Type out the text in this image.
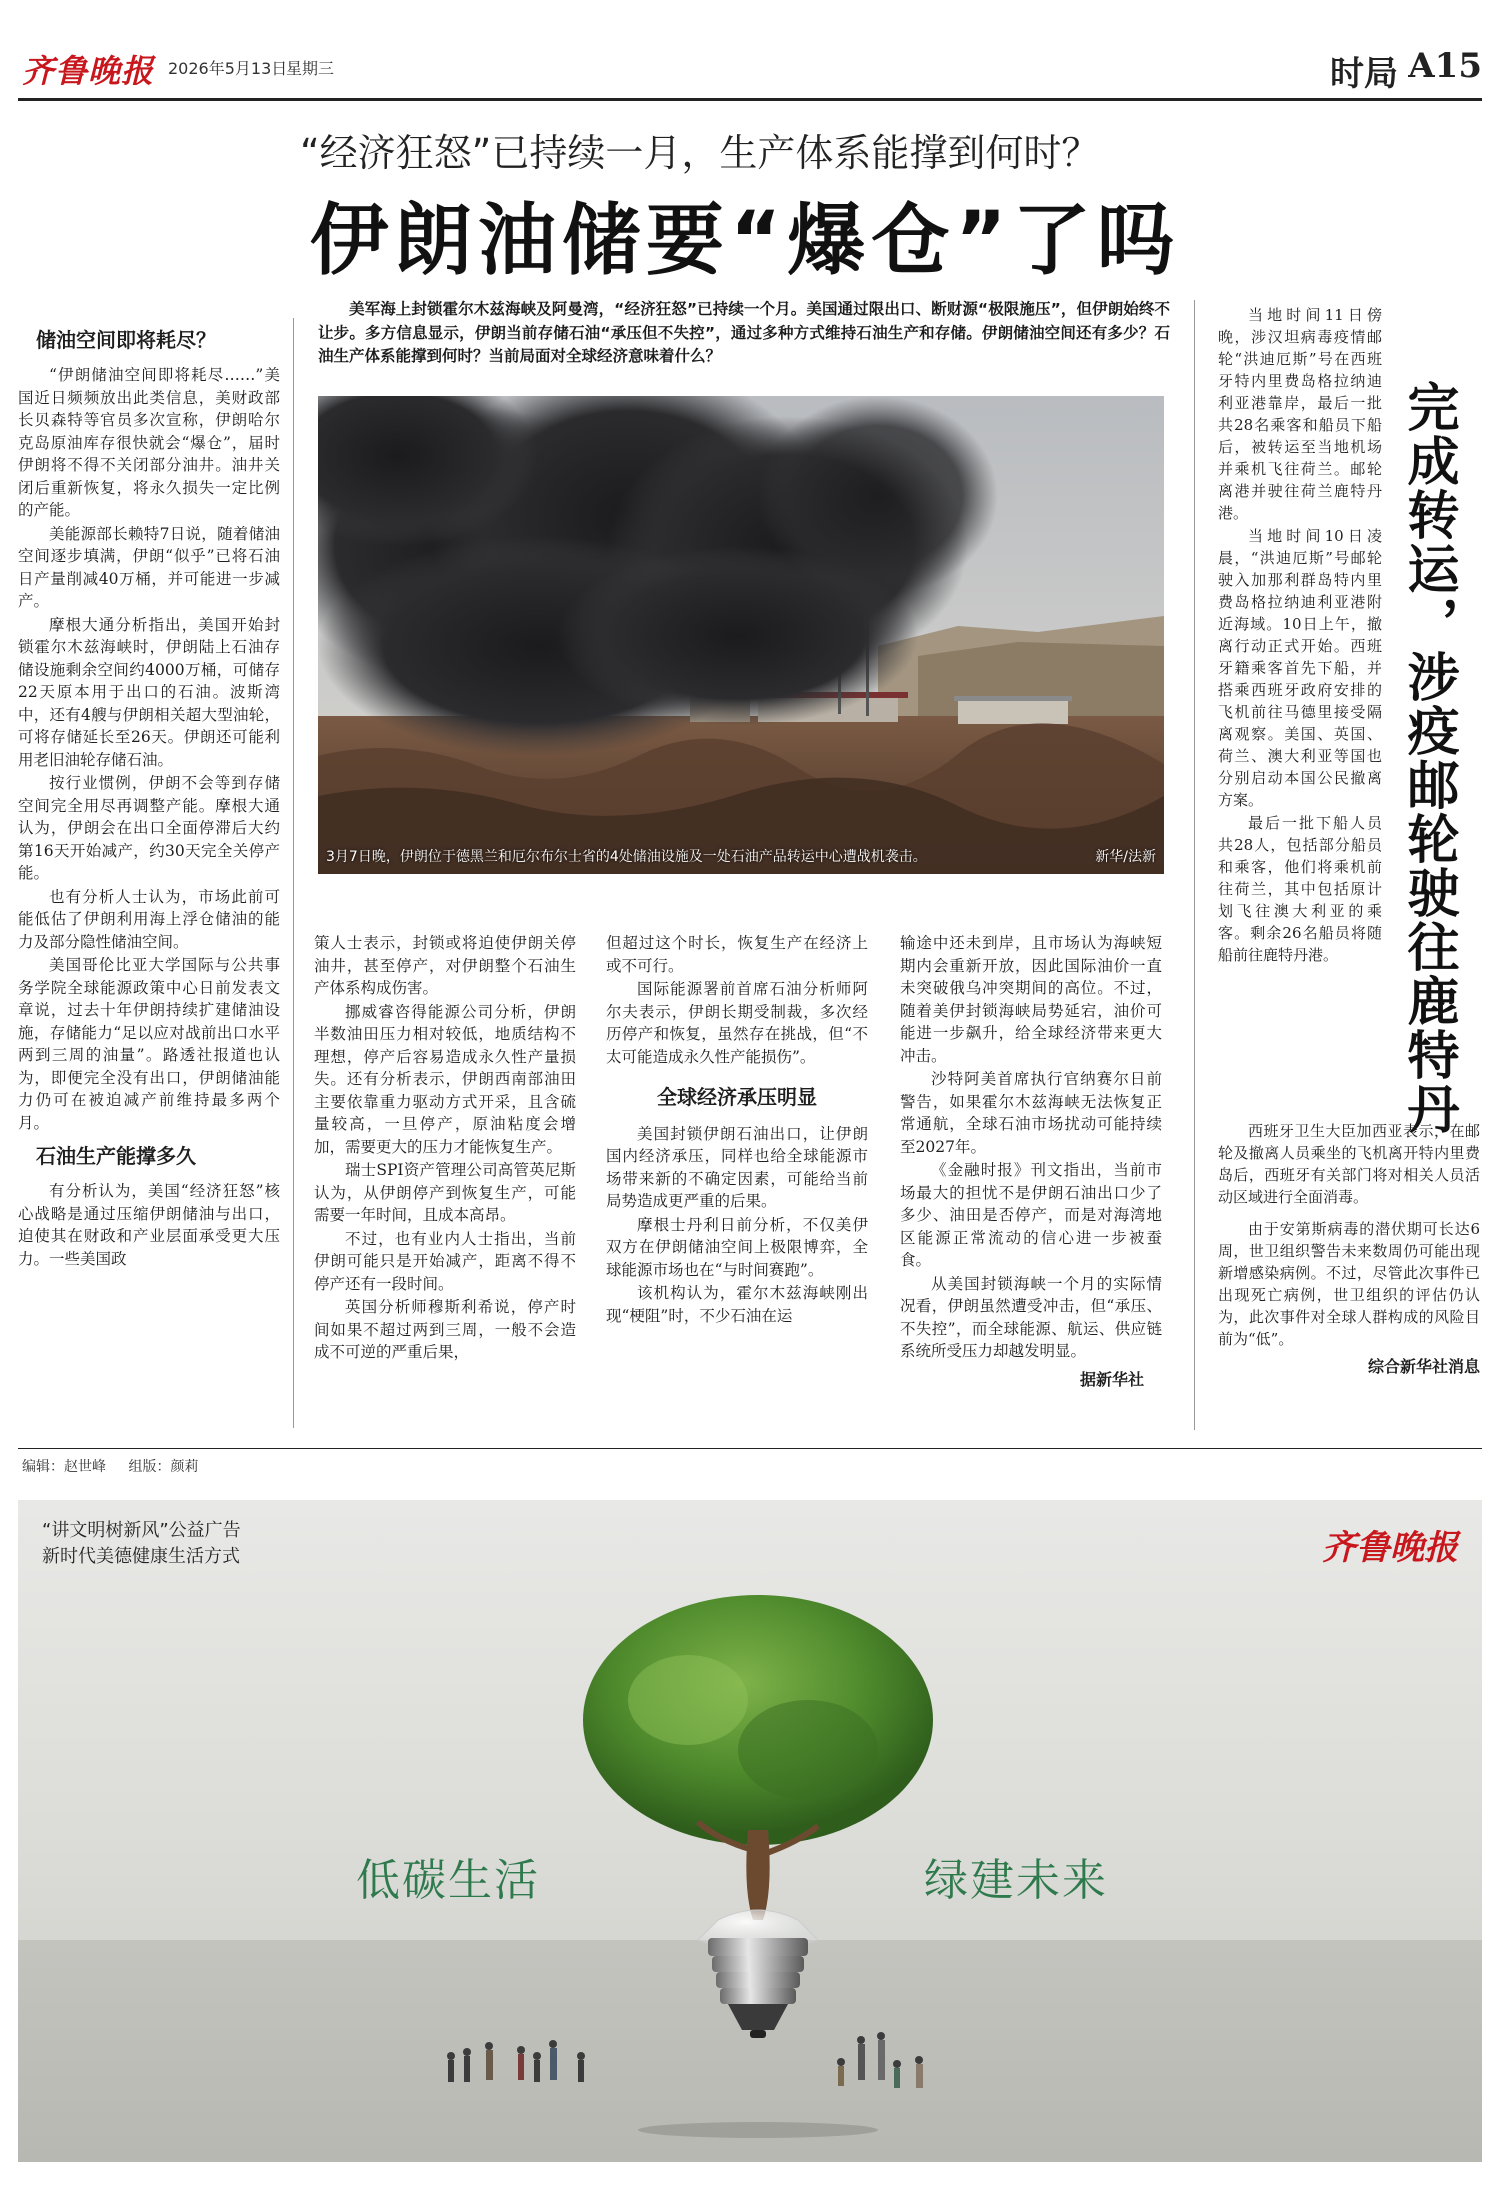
齐鲁晚报 2026年5月13日
星期三	时局 A15
“经济狂怒”已持续一月，生产体系能撑到何时？
伊朗油储要“爆仓”了吗
美军海上封锁霍尔木兹海峡及阿曼湾，“经济狂怒”已持续一个月。美国通过限出口、断财源“极限施压”，但伊朗始终不让步。多方信息显示，伊朗当前存储石油“承压但不失控”，通过多种方式维持石油生产和存储。伊朗储油空间还有多少？石油生产体系能撑到何时？当前局面对全球经济意味着什么？
3月7日晚，伊朗位于德黑兰和厄尔布尔士省的4处储油设施及一处石油产品转运中心遭战机袭击。	新华/法新
储油空间即将耗尽？

“伊朗储油空间即将耗尽……”美国近日频频放出此类信息，美财政部长贝森特等官员多次宣称，伊朗哈尔克岛原油库存很快就会“爆仓”，届时伊朗将不得不关闭部分油井。油井关闭后重新恢复，将永久损失一定比例的产能。

美能源部长赖特7日说，随着储油空间逐步填满，伊朗“似乎”已将石油日产量削减40万桶，并可能进一步减产。

摩根大通分析指出，美国开始封锁霍尔木兹海峡时，伊朗陆上石油存储设施剩余空间约4000万桶，可储存22天原本用于出口的石油。波斯湾中，还有4艘与伊朗相关超大型油轮，可将存储延长至26天。伊朗还可能利用老旧油轮存储石油。

按行业惯例，伊朗不会等到存储空间完全用尽再调整产能。摩根大通认为，伊朗会在出口全面停滞后大约第16天开始减产，约30天完全关停产能。

也有分析人士认为，市场此前可能低估了伊朗利用海上浮仓储油的能力及部分隐性储油空间。

美国哥伦比亚大学国际与公共事务学院全球能源政策中心日前发表文章说，过去十年伊朗持续扩建储油设施，存储能力“足以应对战前出口水平两到三周的油量”。路透社报道也认为，即便完全没有出口，伊朗储油能力仍可在被迫减产前维持最多两个月。

石油生产能撑多久

有分析认为，美国“经济狂怒”核心战略是通过压缩伊朗储油与出口，迫使其在财政和产业层面承受更大压力。一些美国政

策人士表示，封锁或将迫使伊朗关停油井，甚至停产，对伊朗整个石油生产体系构成伤害。

挪威睿咨得能源公司分析，伊朗半数油田压力相对较低，地质结构不理想，停产后容易造成永久性产量损失。还有分析表示，伊朗西南部油田主要依靠重力驱动方式开采，且含硫量较高，一旦停产，原油粘度会增加，需要更大的压力才能恢复生产。

瑞士SPI资产管理公司高管英尼斯认为，从伊朗停产到恢复生产，可能需要一年时间，且成本高昂。

不过，也有业内人士指出，当前伊朗可能只是开始减产，距离不得不停产还有一段时间。

英国分析师穆斯利希说，停产时间如果不超过两到三周，一般不会造成不可逆的严重后果，

但超过这个时长，恢复生产在经济上或不可行。

国际能源署前首席石油分析师阿尔夫表示，伊朗长期受制裁，多次经历停产和恢复，虽然存在挑战，但“不太可能造成永久性产能损伤”。

全球经济承压明显

美国封锁伊朗石油出口，让伊朗国内经济承压，同样也给全球能源市场带来新的不确定因素，可能给当前局势造成更严重的后果。

摩根士丹利日前分析，不仅美伊双方在伊朗储油空间上极限博弈，全球能源市场也在“与时间赛跑”。

该机构认为，霍尔木兹海峡刚出现“梗阻”时，不少石油在运

输途中还未到岸，且市场认为海峡短期内会重新开放，因此国际油价一直未突破俄乌冲突期间的高位。不过，随着美伊封锁海峡局势延宕，油价可能进一步飙升，给全球经济带来更大冲击。

沙特阿美首席执行官纳赛尔日前警告，如果霍尔木兹海峡无法恢复正常通航，全球石油市场扰动可能持续至2027年。

《金融时报》刊文指出，当前市场最大的担忧不是伊朗石油出口少了多少、油田是否停产，而是对海湾地区能源正常流动的信心进一步被蚕食。

从美国封锁海峡一个月的实际情况看，伊朗虽然遭受冲击，但“承压、不失控”，而全球能源、航运、供应链系统所受压力却越发明显。

据新华社

当地时间11日傍晚，涉汉坦病毒疫情邮轮“洪迪厄斯”号在西班牙特内里费岛格拉纳迪利亚港靠岸，最后一批共28名乘客和船员下船后，被转运至当地机场并乘机飞往荷兰。邮轮离港并驶往荷兰鹿特丹港。

当地时间10日凌晨，“洪迪厄斯”号邮轮驶入加那利群岛特内里费岛格拉纳迪利亚港附近海域。10日上午，撤离行动正式开始。西班牙籍乘客首先下船，并搭乘西班牙政府安排的飞机前往马德里接受隔离观察。美国、英国、荷兰、澳大利亚等国也分别启动本国公民撤离方案。

最后一批下船人员共28人，包括部分船员和乘客，他们将乘机前往荷兰，其中包括原计划飞往澳大利亚的乘客。剩余26名船员将随船前往鹿特丹港。	完成转运，涉疫邮轮驶往鹿特丹

西班牙卫生大臣加西亚表示，在邮轮及撤离人员乘坐的飞机离开特内里费岛后，西班牙有关部门将对相关人员活动区域进行全面消毒。

由于安第斯病毒的潜伏期可长达6周，世卫组织警告未来数周仍可能出现新增感染病例。不过，尽管此次事件已出现死亡病例，世卫组织的评估仍认为，此次事件对全球人群构成的风险目前为“低”。

综合新华社消息
编辑：赵世峰 组版：颜莉
“讲文明树新风”公益广告
新时代美德健康生活方式	齐鲁晚报
低碳生活	绿建未来
